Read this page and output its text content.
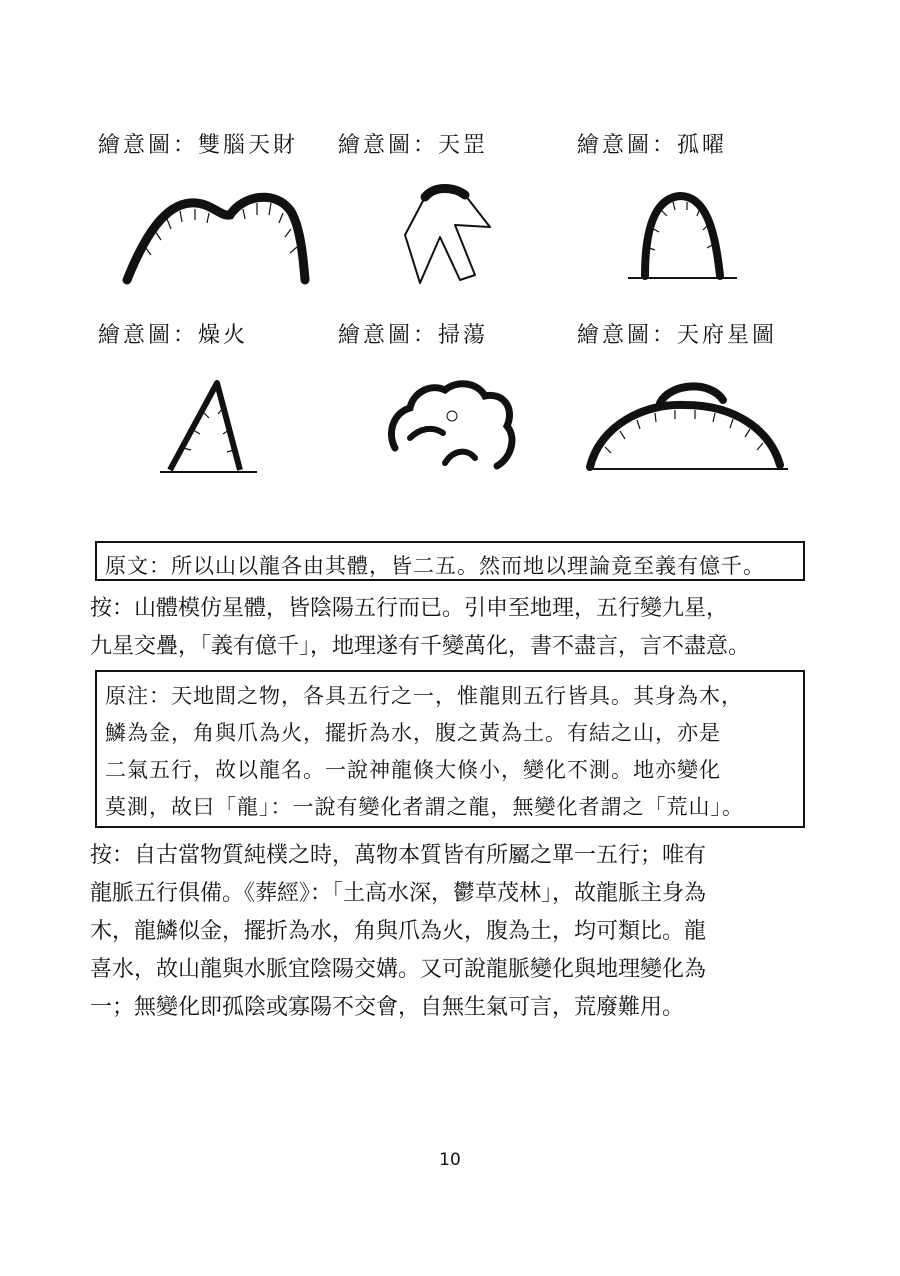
繪意圖：雙腦天財 繪意圖：天罡	繪意圖：孤曜
繪意圖：燥火	繪意圖：掃蕩	繪意圖：天府星圖
原文：所以山以龍各由其體，皆二五。然而地以理論竟至義有億千。
按：山體模仿星體，皆陰陽五行而已。引申至地理，五行變九星，
九星交疊，「義有億千」，地理遂有千變萬化，書不盡言，言不盡意。
原注：天地間之物，各具五行之一，惟龍則五行皆具。其身為木，
鱗為金，角與爪為火，擺折為水，腹之黃為土。有結之山，亦是
二氣五行，故以龍名。一說神龍倏大倏小，變化不測。地亦變化
莫測，故曰「龍」：一說有變化者謂之龍，無變化者謂之「荒山」。
按：自古當物質純樸之時，萬物本質皆有所屬之單一五行；唯有
龍脈五行俱備。《葬經》：「土高水深，鬱草茂林」，故龍脈主身為
木，龍鱗似金，擺折為水，角與爪為火，腹為土，均可類比。龍
喜水，故山龍與水脈宜陰陽交媾。又可說龍脈變化與地理變化為
一；無變化即孤陰或寡陽不交會，自無生氣可言，荒廢難用。
10
